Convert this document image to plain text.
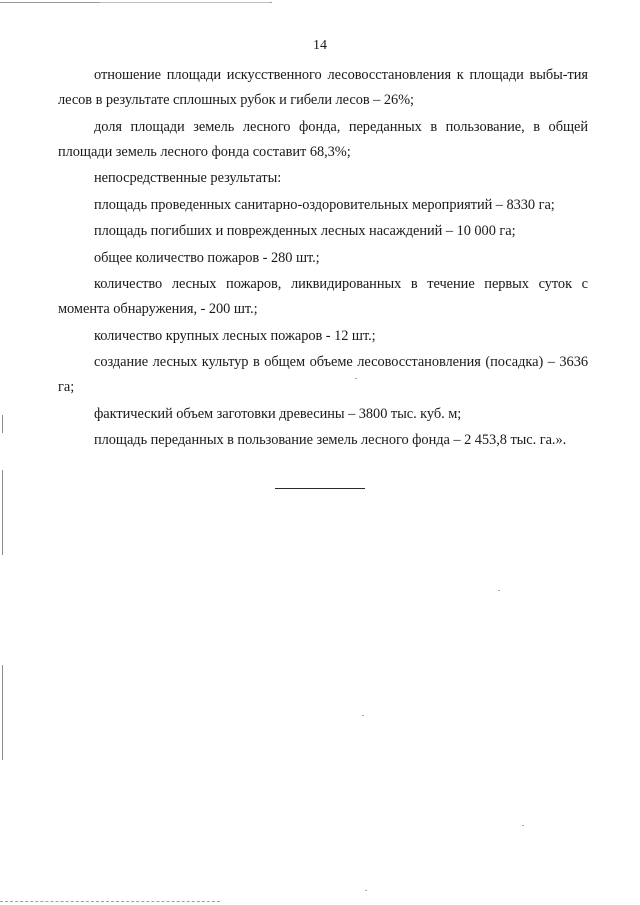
14

отношение площади искусственного лесовосстановления к площади выбы-тия лесов в результате сплошных рубок и гибели лесов – 26%;

доля площади земель лесного фонда, переданных в пользование, в общей площади земель лесного фонда составит 68,3%;

непосредственные результаты:

площадь проведенных санитарно-оздоровительных мероприятий – 8330 га;

площадь погибших и поврежденных лесных насаждений – 10 000 га;

общее количество пожаров - 280 шт.;

количество лесных пожаров, ликвидированных в течение первых суток с момента обнаружения, - 200 шт.;

количество крупных лесных пожаров - 12 шт.;

создание лесных культур в общем объеме лесовосстановления (посадка) – 3636 га;

фактический объем заготовки древесины – 3800 тыс. куб. м;

площадь переданных в пользование земель лесного фонда – 2 453,8 тыс. га.».
